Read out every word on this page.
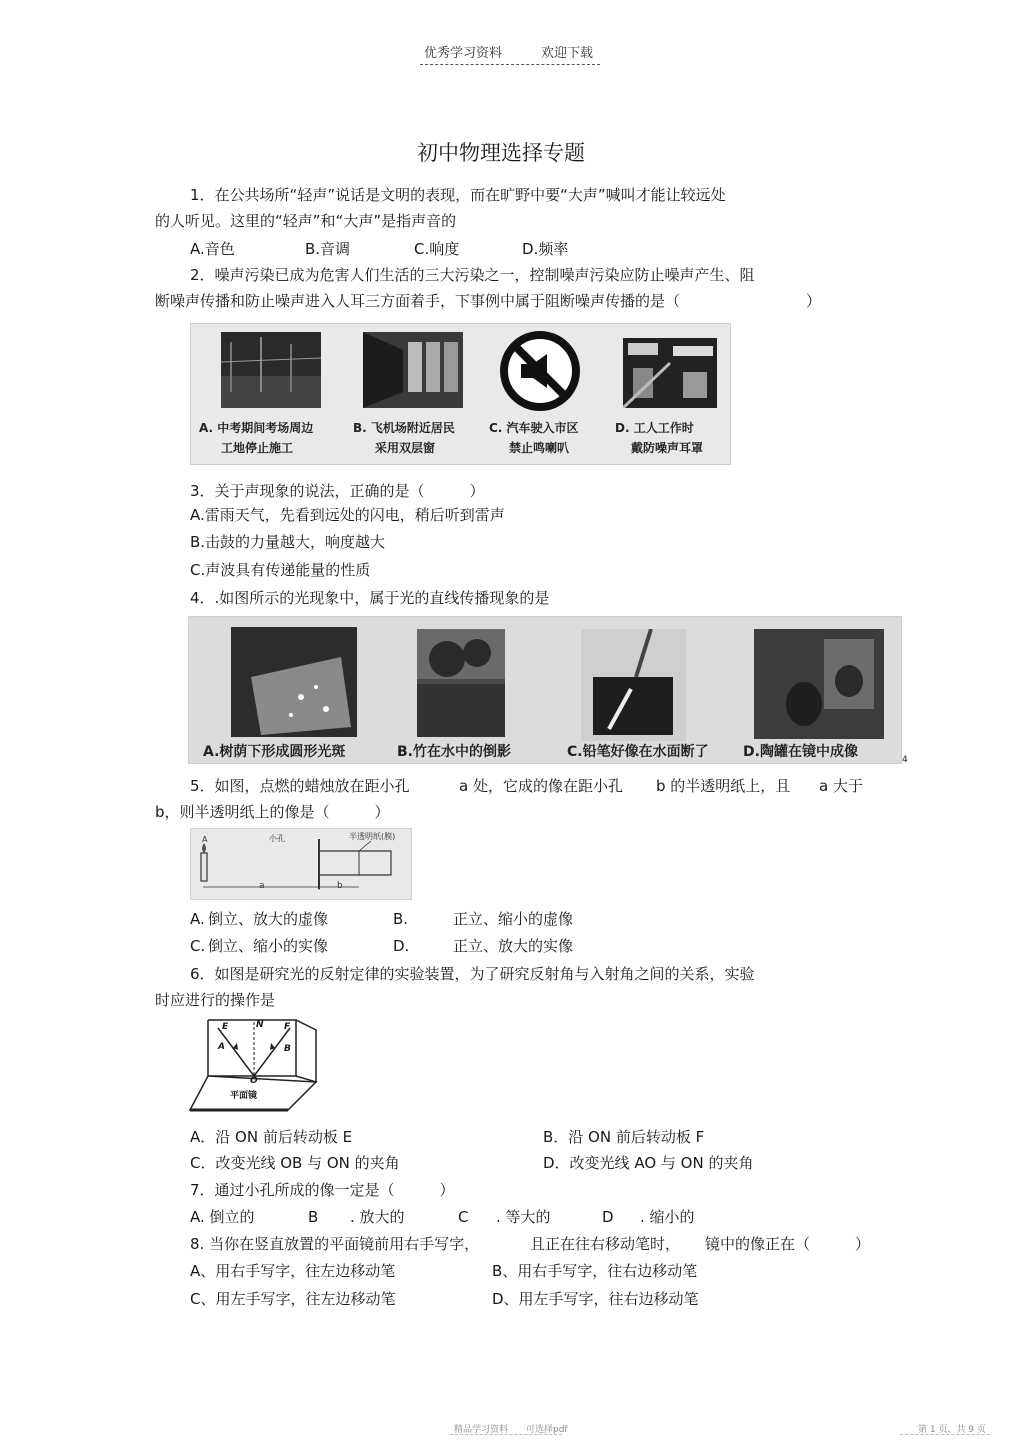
优秀学习资料	欢迎下载
初中物理选择专题
1．在公共场所“轻声”说话是文明的表现，而在旷野中要“大声”喊叫才能让较远处
的人听见。这里的“轻声”和“大声”是指声音的
A.音色	B.音调	C.响度	D.频率
2．噪声污染已成为危害人们生活的三大污染之一，控制噪声污染应防止噪声产生、阻
断噪声传播和防止噪声进入人耳三方面着手，下事例中属于阻断噪声传播的是（	）
A. 中考期间考场周边
工地停止施工
B. 飞机场附近居民
采用双层窗
C. 汽车驶入市区
禁止鸣喇叭
D. 工人工作时
戴防噪声耳罩
3．关于声现象的说法，正确的是（　　　）
A.雷雨天气，先看到远处的闪电，稍后听到雷声
B.击鼓的力量越大，响度越大
C.声波具有传递能量的性质
4．.如图所示的光现象中，属于光的直线传播现象的是
A.树荫下形成圆形光斑	B.竹在水中的倒影	C.铅笔好像在水面断了 D.陶罐在镜中成像	4
5．如图，点燃的蜡烛放在距小孔	a 处，它成的像在距小孔 b 的半透明纸上，且 a 大于
b，则半透明纸上的像是（　　　）
小孔	半透明纸(膜)
a	b
A
A. 倒立、放大的虚像	B.	正立、缩小的虚像
C. 倒立、缩小的实像	D.	正立、放大的实像
6．如图是研究光的反射定律的实验装置，为了研究反射角与入射角之间的关系，实验
时应进行的操作是
E	N F
A	B
O
平面镜
A．沿 ON 前后转动板 E	B．沿 ON 前后转动板 F
C．改变光线 OB 与 ON 的夹角	D．改变光线 AO 与 ON 的夹角
7．通过小孔所成的像一定是（　　　）
A. 倒立的	B . 放大的	C . 等大的	D . 缩小的
8. 当你在竖直放置的平面镜前用右手写字，	且正在往右移动笔时， 镜中的像正在（　　　）
A、用右手写字，往左边移动笔	B、用右手写字，往右边移动笔
C、用左手写字，往左边移动笔	D、用左手写字，往右边移动笔
精品学习资料　　可选择pdf	第 1 页，共 9 页
